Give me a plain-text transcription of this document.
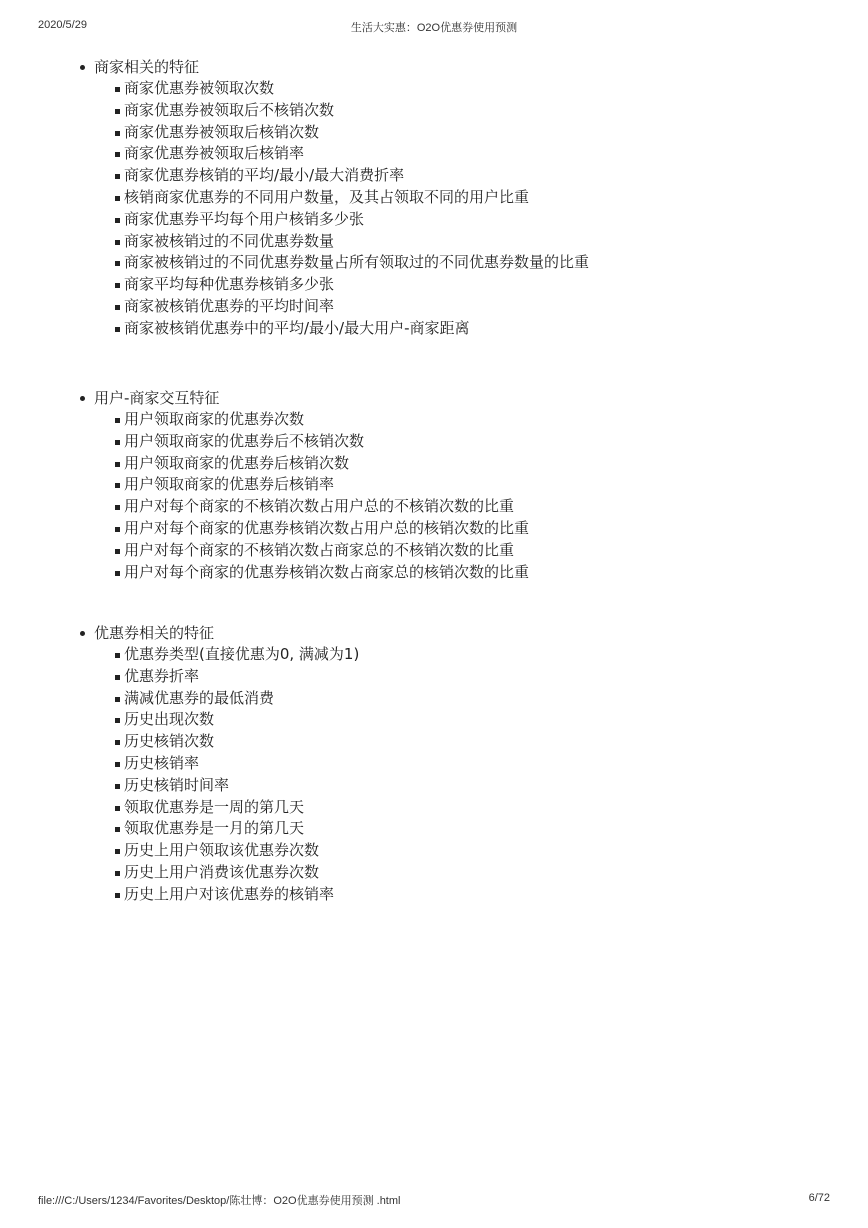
2020/5/29	生活大实惠：O2O优惠券使用预测
商家相关的特征
商家优惠券被领取次数
商家优惠券被领取后不核销次数
商家优惠券被领取后核销次数
商家优惠券被领取后核销率
商家优惠券核销的平均/最小/最大消费折率
核销商家优惠券的不同用户数量，及其占领取不同的用户比重
商家优惠券平均每个用户核销多少张
商家被核销过的不同优惠券数量
商家被核销过的不同优惠券数量占所有领取过的不同优惠券数量的比重
商家平均每种优惠券核销多少张
商家被核销优惠券的平均时间率
商家被核销优惠券中的平均/最小/最大用户-商家距离
用户-商家交互特征
用户领取商家的优惠券次数
用户领取商家的优惠券后不核销次数
用户领取商家的优惠券后核销次数
用户领取商家的优惠券后核销率
用户对每个商家的不核销次数占用户总的不核销次数的比重
用户对每个商家的优惠券核销次数占用户总的核销次数的比重
用户对每个商家的不核销次数占商家总的不核销次数的比重
用户对每个商家的优惠券核销次数占商家总的核销次数的比重
优惠券相关的特征
优惠券类型(直接优惠为0, 满减为1)
优惠券折率
满减优惠券的最低消费
历史出现次数
历史核销次数
历史核销率
历史核销时间率
领取优惠券是一周的第几天
领取优惠券是一月的第几天
历史上用户领取该优惠券次数
历史上用户消费该优惠券次数
历史上用户对该优惠券的核销率
file:///C:/Users/1234/Favorites/Desktop/陈壮博：O2O优惠券使用预测 .html	6/72
